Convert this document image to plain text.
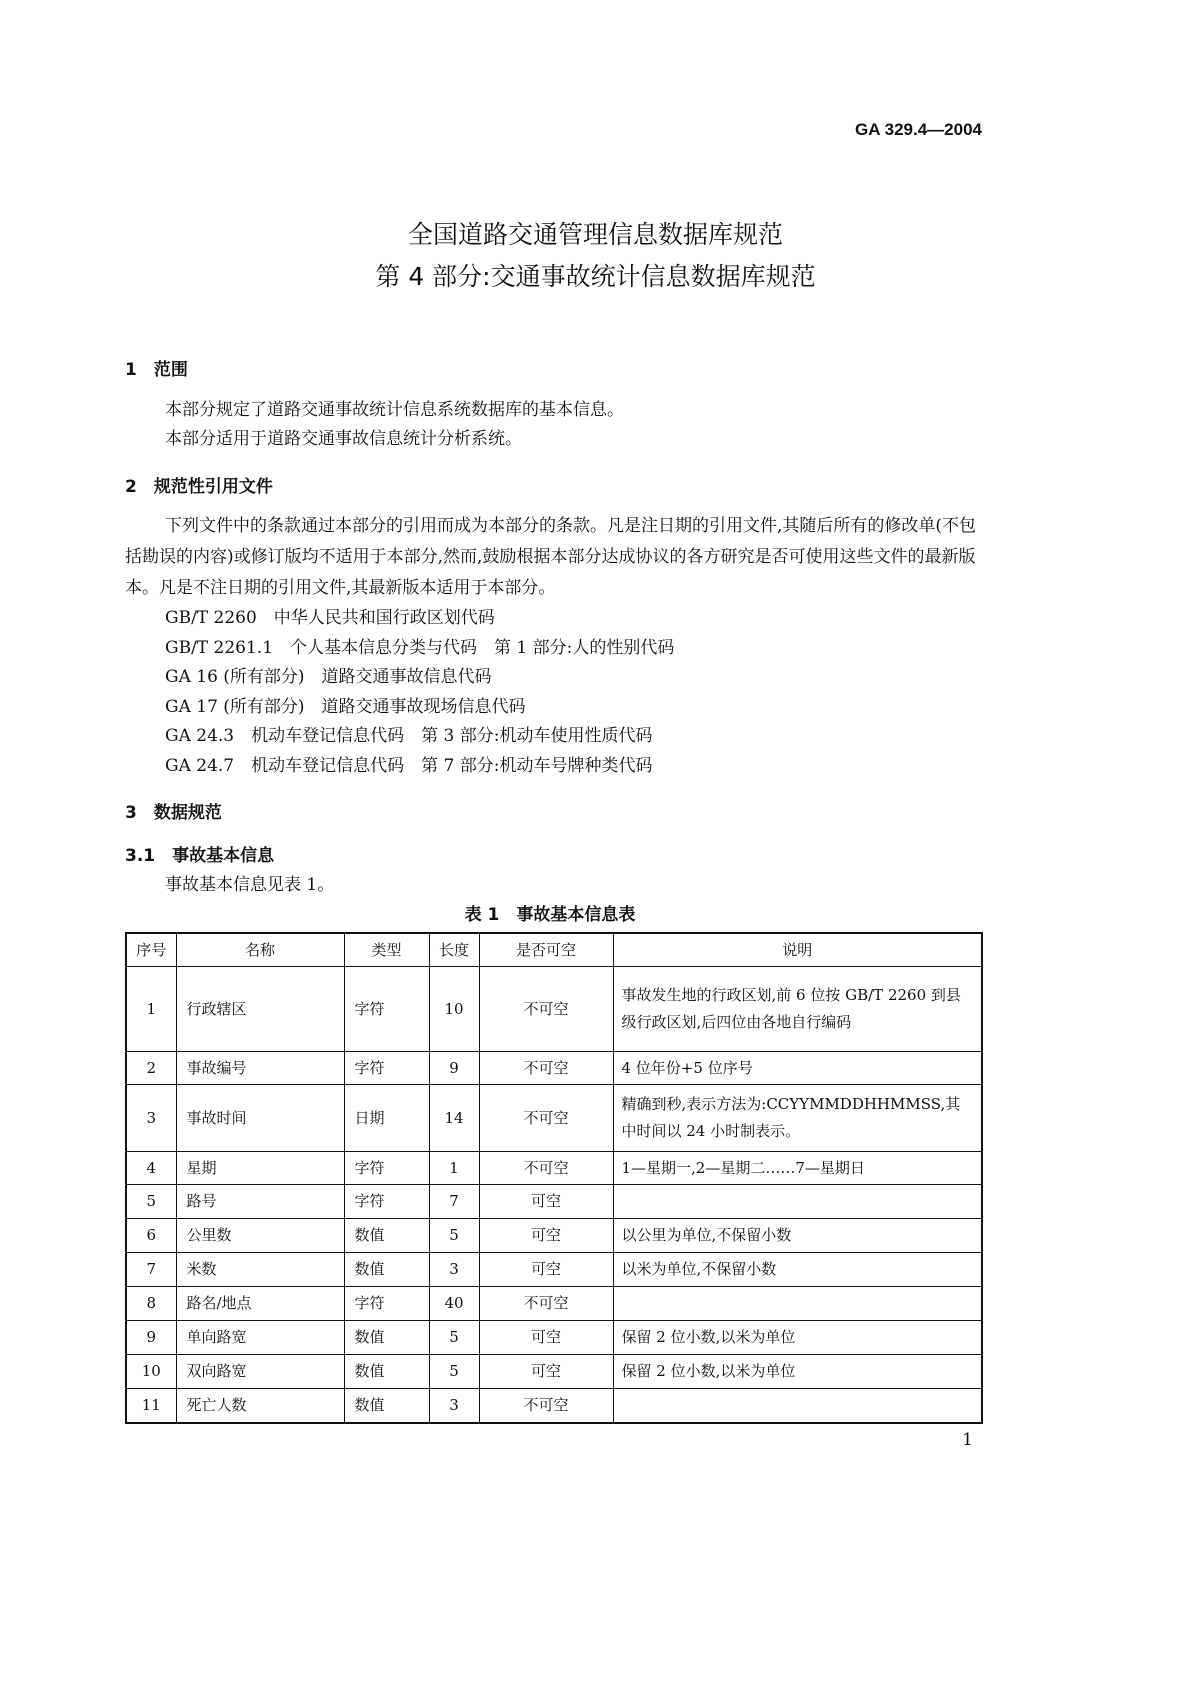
GA 329.4—2004
全国道路交通管理信息数据库规范
第 4 部分:交通事故统计信息数据库规范
1　范围
本部分规定了道路交通事故统计信息系统数据库的基本信息。
本部分适用于道路交通事故信息统计分析系统。
2　规范性引用文件
下列文件中的条款通过本部分的引用而成为本部分的条款。凡是注日期的引用文件,其随后所有的修改单(不包括勘误的内容)或修订版均不适用于本部分,然而,鼓励根据本部分达成协议的各方研究是否可使用这些文件的最新版本。凡是不注日期的引用文件,其最新版本适用于本部分。
GB/T 2260　中华人民共和国行政区划代码
GB/T 2261.1　个人基本信息分类与代码　第 1 部分:人的性别代码
GA 16 (所有部分)　道路交通事故信息代码
GA 17 (所有部分)　道路交通事故现场信息代码
GA 24.3　机动车登记信息代码　第 3 部分:机动车使用性质代码
GA 24.7　机动车登记信息代码　第 7 部分:机动车号牌种类代码
3　数据规范
3.1　事故基本信息
事故基本信息见表 1。
表 1　事故基本信息表
序号	名称	类型	长度	是否可空	说明
1	行政辖区	字符	10	不可空	事故发生地的行政区划,前 6 位按 GB/T 2260 到县级行政区划,后四位由各地自行编码
2	事故编号	字符	9	不可空	4 位年份+5 位序号
3	事故时间	日期	14	不可空	精确到秒,表示方法为:CCYYMMDDHHMMSS,其中时间以 24 小时制表示。
4	星期	字符	1	不可空	1—星期一,2—星期二……7—星期日
5	路号	字符	7	可空	
6	公里数	数值	5	可空	以公里为单位,不保留小数
7	米数	数值	3	可空	以米为单位,不保留小数
8	路名/地点	字符	40	不可空	
9	单向路宽	数值	5	可空	保留 2 位小数,以米为单位
10	双向路宽	数值	5	可空	保留 2 位小数,以米为单位
11	死亡人数	数值	3	不可空	
1
